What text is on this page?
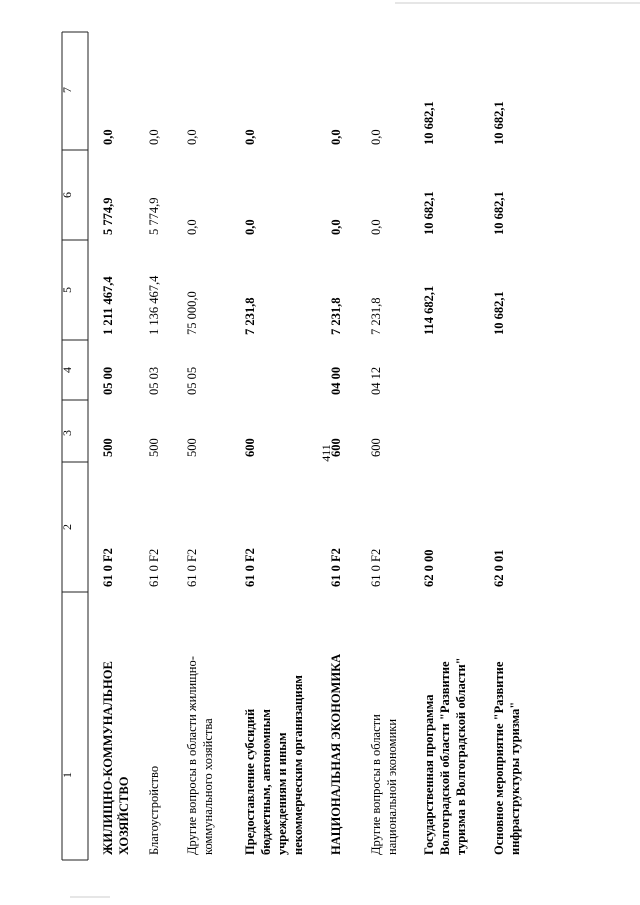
411
1
2
3
4
5
6
7
ЖИЛИЩНО-КОММУНАЛЬНОЕ ХОЗЯЙСТВО
61 0 F2
500
05 00
1 211 467,4
5 774,9
0,0
Благоустройство
61 0 F2
500
05 03
1 136 467,4
5 774,9
0,0
Другие вопросы в области жилищно- коммунального хозяйства
61 0 F2
500
05 05
75 000,0
0,0
0,0
Предоставление субсидий бюджетным, автономным учреждениям и иным некоммерческим организациям
61 0 F2
600
7 231,8
0,0
0,0
НАЦИОНАЛЬНАЯ ЭКОНОМИКА
61 0 F2
600
04 00
7 231,8
0,0
0,0
Другие вопросы в области национальной экономики
61 0 F2
600
04 12
7 231,8
0,0
0,0
Государственная программа Волгоградской области "Развитие туризма в Волгоградской области"
62 0 00
114 682,1
10 682,1
10 682,1
Основное мероприятие "Развитие инфраструктуры туризма"
62 0 01
10 682,1
10 682,1
10 682,1
